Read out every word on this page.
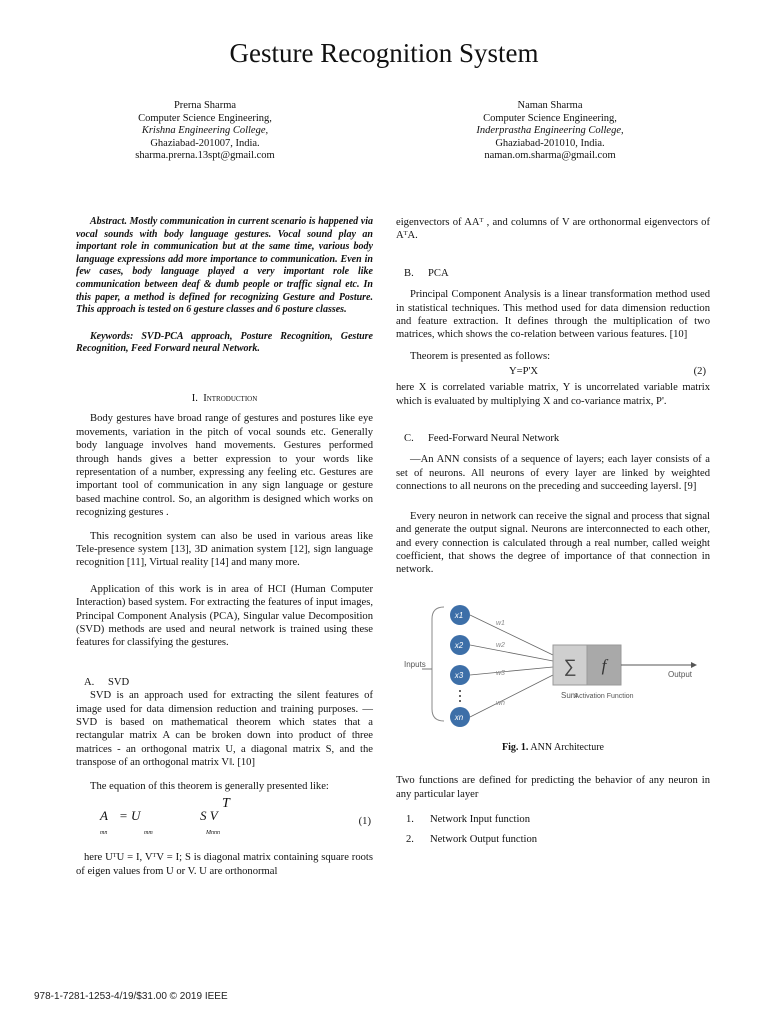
Gesture Recognition System
Prerna Sharma
Computer Science Engineering,
Krishna Engineering College,
Ghaziabad-201007, India.
sharma.prerna.13spt@gmail.com
Naman Sharma
Computer Science Engineering,
Inderprastha Engineering College,
Ghaziabad-201010, India.
naman.om.sharma@gmail.com

Abstract. Mostly communication in current scenario is happened via vocal sounds with body language gestures. Vocal sound play an important role in communication but at the same time, various body language expressions add more importance to communication. Even in few cases, body language played a very important role like communication between deaf & dumb people or traffic signal etc. In this paper, a method is defined for recognizing Gesture and Posture. This approach is tested on 6 gesture classes and 6 posture classes.

Keywords: SVD-PCA approach, Posture Recognition, Gesture Recognition, Feed Forward neural Network.

I. Introduction

Body gestures have broad range of gestures and postures like eye movements, variation in the pitch of vocal sounds etc. Generally body language involves hand movements. Gestures performed through hands gives a better expression to your words like representation of a number, expressing any feeling etc. Gestures are important tool of communication in any sign language or gesture based machine control. So, an algorithm is designed which works on recognizing gestures .

This recognition system can also be used in various areas like Tele-presence system [13], 3D animation system [12], sign language recognition [11], Virtual reality [14] and many more.

Application of this work is in area of HCI (Human Computer Interaction) based system. For extracting the features of input images, Principal Component Analysis (PCA), Singular value Decomposition (SVD) methods are used and neural network is trained using these features for classifying the gestures.

A. SVD

SVD is an approach used for extracting the silent features of image used for data dimension reduction and training purposes. —SVD is based on mathematical theorem which states that a rectangular matrix A can be broken down into product of three matrices - an orthogonal matrix U, a diagonal matrix S, and the transpose of an orthogonal matrix V‖. [10]

The equation of this theorem is generally presented like:

A
mn
= U
mm
S V
T
Mnnn
(1)

here UᵀU = I, VᵀV = I; S is diagonal matrix containing square roots of eigen values from U or V. U are orthonormal

eigenvectors of AAᵀ , and columns of V are orthonormal eigenvectors of AᵀA.

B. PCA

Principal Component Analysis is a linear transformation method used in statistical techniques. This method used for data dimension reduction and feature extraction. It defines through the multiplication of two matrices, which shows the co-relation between various features. [10]

Theorem is presented as follows:

Y=P'X	(2)

here X is correlated variable matrix, Y is uncorrelated variable matrix which is evaluated by multiplying X and co-variance matrix, P'.

C. Feed-Forward Neural Network

—An ANN consists of a sequence of layers; each layer consists of a set of neurons. All neurons of every layer are linked by weighted connections to all neurons on the preceding and succeeding layers‖. [9]

Every neuron in network can receive the signal and process that signal and generate the output signal. Neurons are interconnected to each other, and every connection is calculated through a real number, called weight coefficient, that shows the degree of importance of that connection in network.

Inputs
x1
x2
x3
xn
w1
w2
w3
wn
∑ f	Output
Sum
Activation Function
Fig. 1. ANN Architecture

Two functions are defined for predicting the behavior of any neuron in any particular layer

1. Network Input function
2. Network Output function
978-1-7281-1253-4/19/$31.00 © 2019 IEEE
